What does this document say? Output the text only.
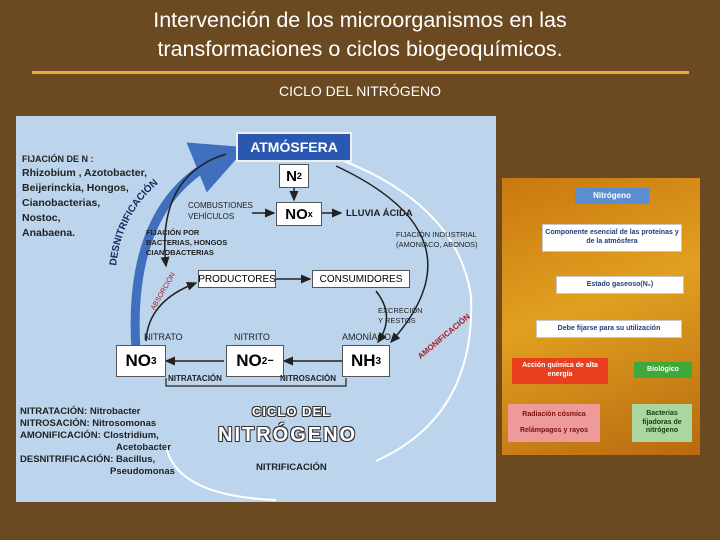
Intervención de los microorganismos en las
transformaciones o ciclos biogeoquímicos.
CICLO DEL NITRÓGENO
DESNITRIFICACIÓN
ATMÓSFERA
N 2
FIJACIÓN DE N :
Rhizobium , Azotobacter,
Beijerinckia, Hongos,
Cianobacterias,
Nostoc,
Anabaena.
COMBUSTIONES
VEHÍCULOS	NO x	LLUVIA ÁCIDA
FIJACIÓN POR
BACTERIAS, HONGOS
CIANOBACTERIAS
FIJACIÓN INDUSTRIAL
(AMONIACO, ABONOS)
PRODUCTORES	CONSUMIDORES
ABSORCIÓN	EXCRECIÓN
Y RESTOS
NITRATO	NITRITO	AMONÍACO	AMONIFICACIÓN
NO 3	NO 2 −	NH 3
NITRATACIÓN	NITROSACIÓN
NITRATACIÓN: Nitrobacter
NITROSACIÓN: Nitrosomonas
AMONIFICACIÓN: Clostridium,
Acetobacter
DESNITRIFICACIÓN: Bacillus,
Pseudomonas
CICLO DEL
NITRÓGENO
NITRIFICACIÓN
Nitrógeno
Componente esencial de las proteínas y de la atmósfera
Estado gaseoso(N₂)
Debe fijarse para su utilización
Acción química de alta energía
Biológico
Radiación cósmica
Relámpagos y rayos
Bacterias fijadoras de nitrógeno
